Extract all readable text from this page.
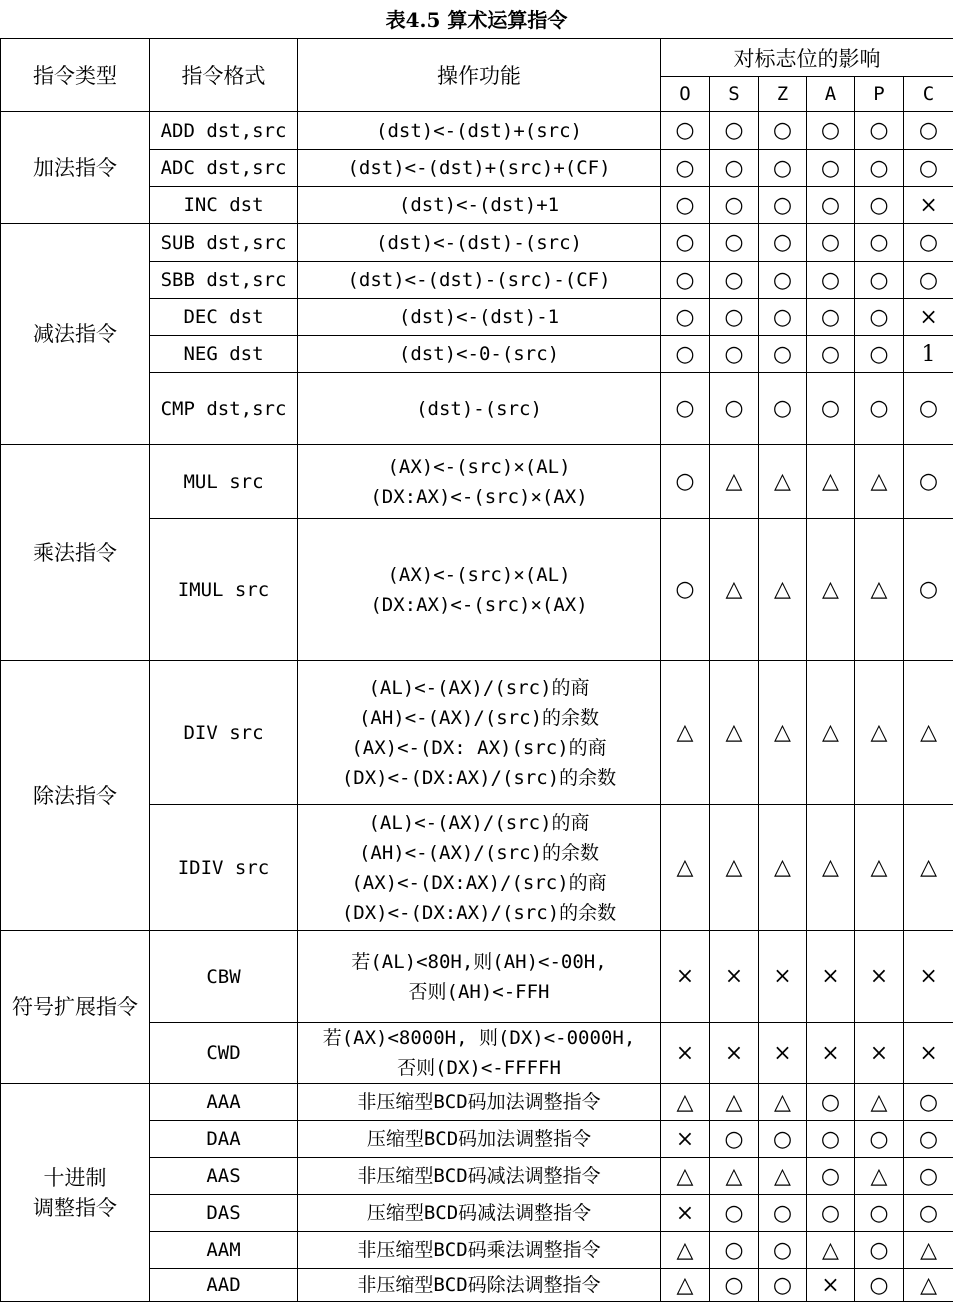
表4.5 算术运算指令
指令类型	指令格式	操作功能	对标志位的影响					
			O	S	Z	A	P	C

加法指令	ADD dst,src	(dst)<-(dst)+(src)	○	○	○	○	○	○
	ADC dst,src	(dst)<-(dst)+(src)+(CF)	○	○	○	○	○	○
	INC dst	(dst)<-(dst)+1	○	○	○	○	○	×

减法指令	SUB dst,src	(dst)<-(dst)-(src)	○	○	○	○	○	○
	SBB dst,src	(dst)<-(dst)-(src)-(CF)	○	○	○	○	○	○
	DEC dst	(dst)<-(dst)-1	○	○	○	○	○	×
	NEG dst	(dst)<-0-(src)	○	○	○	○	○	1
	CMP dst,src	(dst)-(src)	○	○	○	○	○	○

乘法指令	MUL src	(AX)<-(src)×(AL)
(DX:AX)<-(src)×(AX)	○	△	△	△	△	○
	IMUL src	(AX)<-(src)×(AL)
(DX:AX)<-(src)×(AX)	○	△	△	△	△	○

除法指令	DIV src	(AL)<-(AX)/(src)的商
(AH)<-(AX)/(src)的余数
(AX)<-(DX: AX)(src)的商
(DX)<-(DX:AX)/(src)的余数	△	△	△	△	△	△
	IDIV src	(AL)<-(AX)/(src)的商
(AH)<-(AX)/(src)的余数
(AX)<-(DX:AX)/(src)的商
(DX)<-(DX:AX)/(src)的余数	△	△	△	△	△	△

符号扩展指令	CBW	若(AL)<80H,则(AH)<-00H,
否则(AH)<-FFH	×	×	×	×	×	×
	CWD	若(AX)<8000H, 则(DX)<-0000H,
否则(DX)<-FFFFH	×	×	×	×	×	×

十进制
调整指令	AAA	非压缩型BCD码加法调整指令	△	△	△	○	△	○
	DAA	压缩型BCD码加法调整指令	×	○	○	○	○	○
	AAS	非压缩型BCD码减法调整指令	△	△	△	○	△	○
	DAS	压缩型BCD码减法调整指令	×	○	○	○	○	○
	AAM	非压缩型BCD码乘法调整指令	△	○	○	△	○	△
	AAD	非压缩型BCD码除法调整指令	△	○	○	×	○	△
